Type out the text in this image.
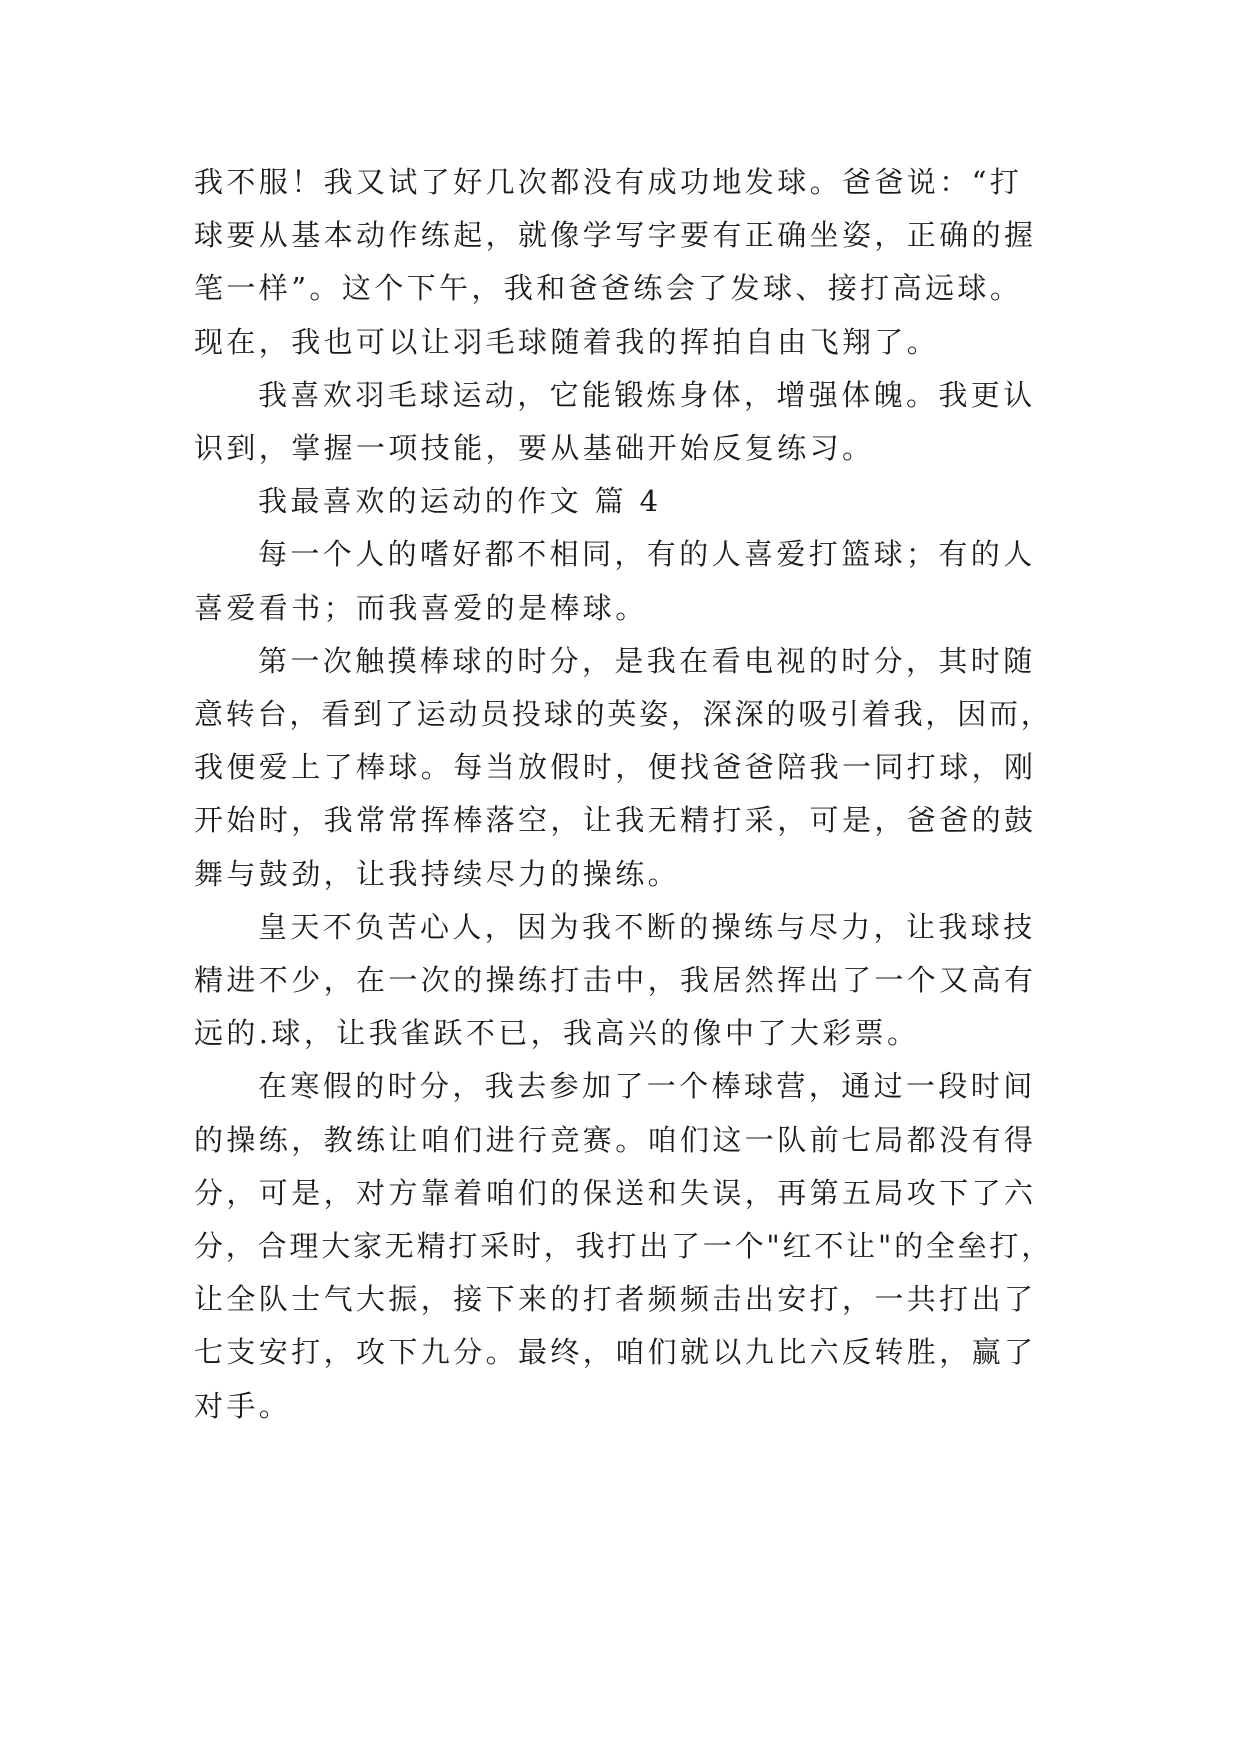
我不服！我又试了好几次都没有成功地发球。爸爸说：“打
球要从基本动作练起，就像学写字要有正确坐姿，正确的握
笔一样”。这个下午，我和爸爸练会了发球、接打高远球。
现在，我也可以让羽毛球随着我的挥拍自由飞翔了。
我喜欢羽毛球运动，它能锻炼身体，增强体魄。我更认
识到，掌握一项技能，要从基础开始反复练习。
我最喜欢的运动的作文 篇 4
每一个人的嗜好都不相同，有的人喜爱打篮球；有的人
喜爱看书；而我喜爱的是棒球。
第一次触摸棒球的时分，是我在看电视的时分，其时随
意转台，看到了运动员投球的英姿，深深的吸引着我，因而，
我便爱上了棒球。每当放假时，便找爸爸陪我一同打球，刚
开始时，我常常挥棒落空，让我无精打采，可是，爸爸的鼓
舞与鼓劲，让我持续尽力的操练。
皇天不负苦心人，因为我不断的操练与尽力，让我球技
精进不少，在一次的操练打击中，我居然挥出了一个又高有
远的.球，让我雀跃不已，我高兴的像中了大彩票。
在寒假的时分，我去参加了一个棒球营，通过一段时间
的操练，教练让咱们进行竞赛。咱们这一队前七局都没有得
分，可是，对方靠着咱们的保送和失误，再第五局攻下了六
分，合理大家无精打采时，我打出了一个"红不让"的全垒打，
让全队士气大振，接下来的打者频频击出安打，一共打出了
七支安打，攻下九分。最终，咱们就以九比六反转胜，赢了
对手。
